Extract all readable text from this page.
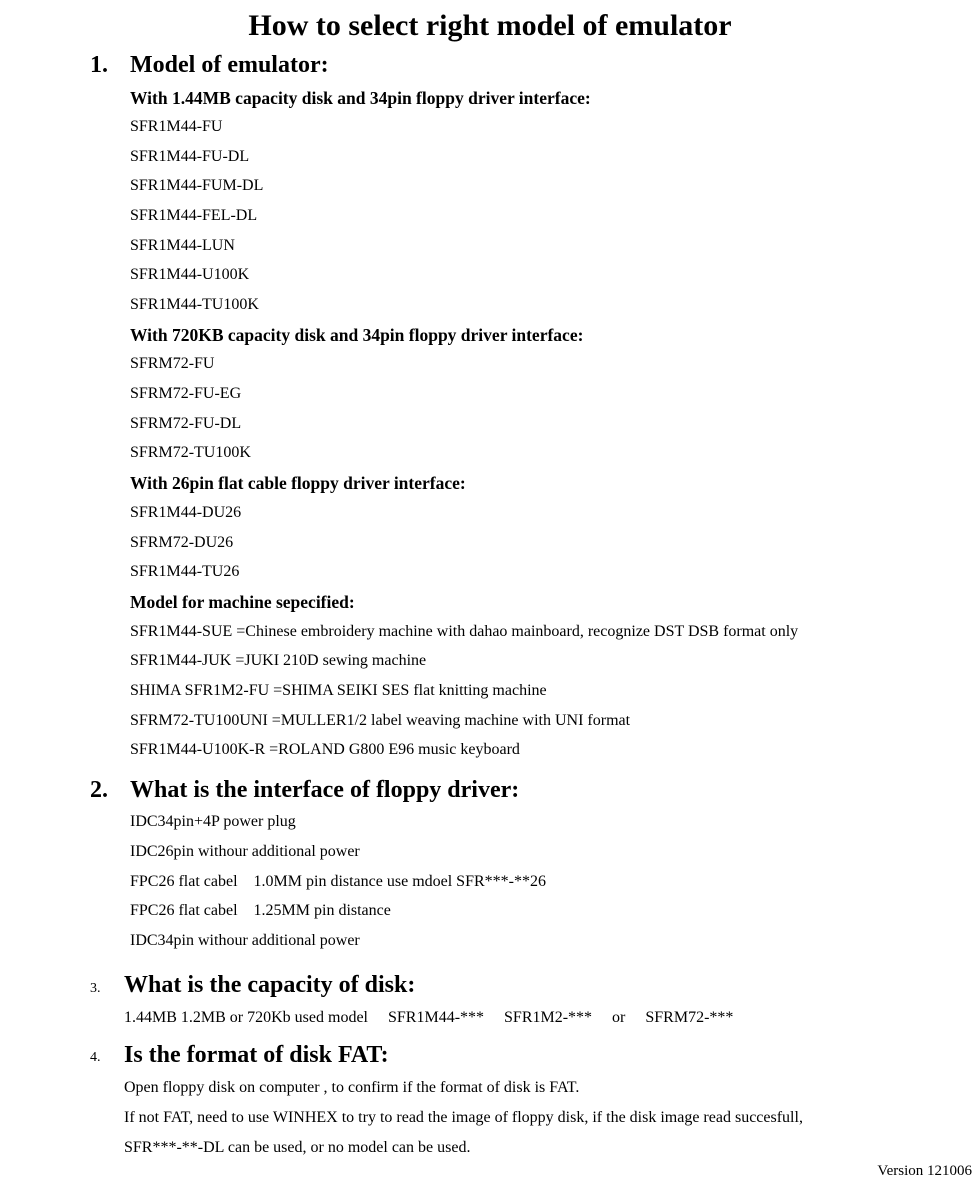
How to select right model of emulator
1. Model of emulator:
With 1.44MB capacity disk and 34pin floppy driver interface:
SFR1M44-FU
SFR1M44-FU-DL
SFR1M44-FUM-DL
SFR1M44-FEL-DL
SFR1M44-LUN
SFR1M44-U100K
SFR1M44-TU100K
With 720KB capacity disk and 34pin floppy driver interface:
SFRM72-FU
SFRM72-FU-EG
SFRM72-FU-DL
SFRM72-TU100K
With 26pin flat cable floppy driver interface:
SFR1M44-DU26
SFRM72-DU26
SFR1M44-TU26
Model for machine sepecified:
SFR1M44-SUE =Chinese embroidery machine with dahao mainboard, recognize DST DSB format only
SFR1M44-JUK =JUKI 210D sewing machine
SHIMA SFR1M2-FU =SHIMA SEIKI SES flat knitting machine
SFRM72-TU100UNI =MULLER1/2 label weaving machine with UNI format
SFR1M44-U100K-R =ROLAND G800 E96 music keyboard
2. What is the interface of floppy driver:
IDC34pin+4P power plug
IDC26pin withour additional power
FPC26 flat cabel    1.0MM pin distance use mdoel SFR***-**26
FPC26 flat cabel    1.25MM pin distance
IDC34pin withour additional power
3. What is the capacity of disk:
1.44MB 1.2MB or 720Kb used model     SFR1M44-***     SFR1M2-***     or     SFRM72-***
4. Is the format of disk FAT:
Open floppy disk on computer , to confirm if the format of disk is FAT.
If not FAT, need to use WINHEX to try to read the image of floppy disk, if the disk image read succesfull,
SFR***-**-DL can be used, or no model can be used.
Version 121006
